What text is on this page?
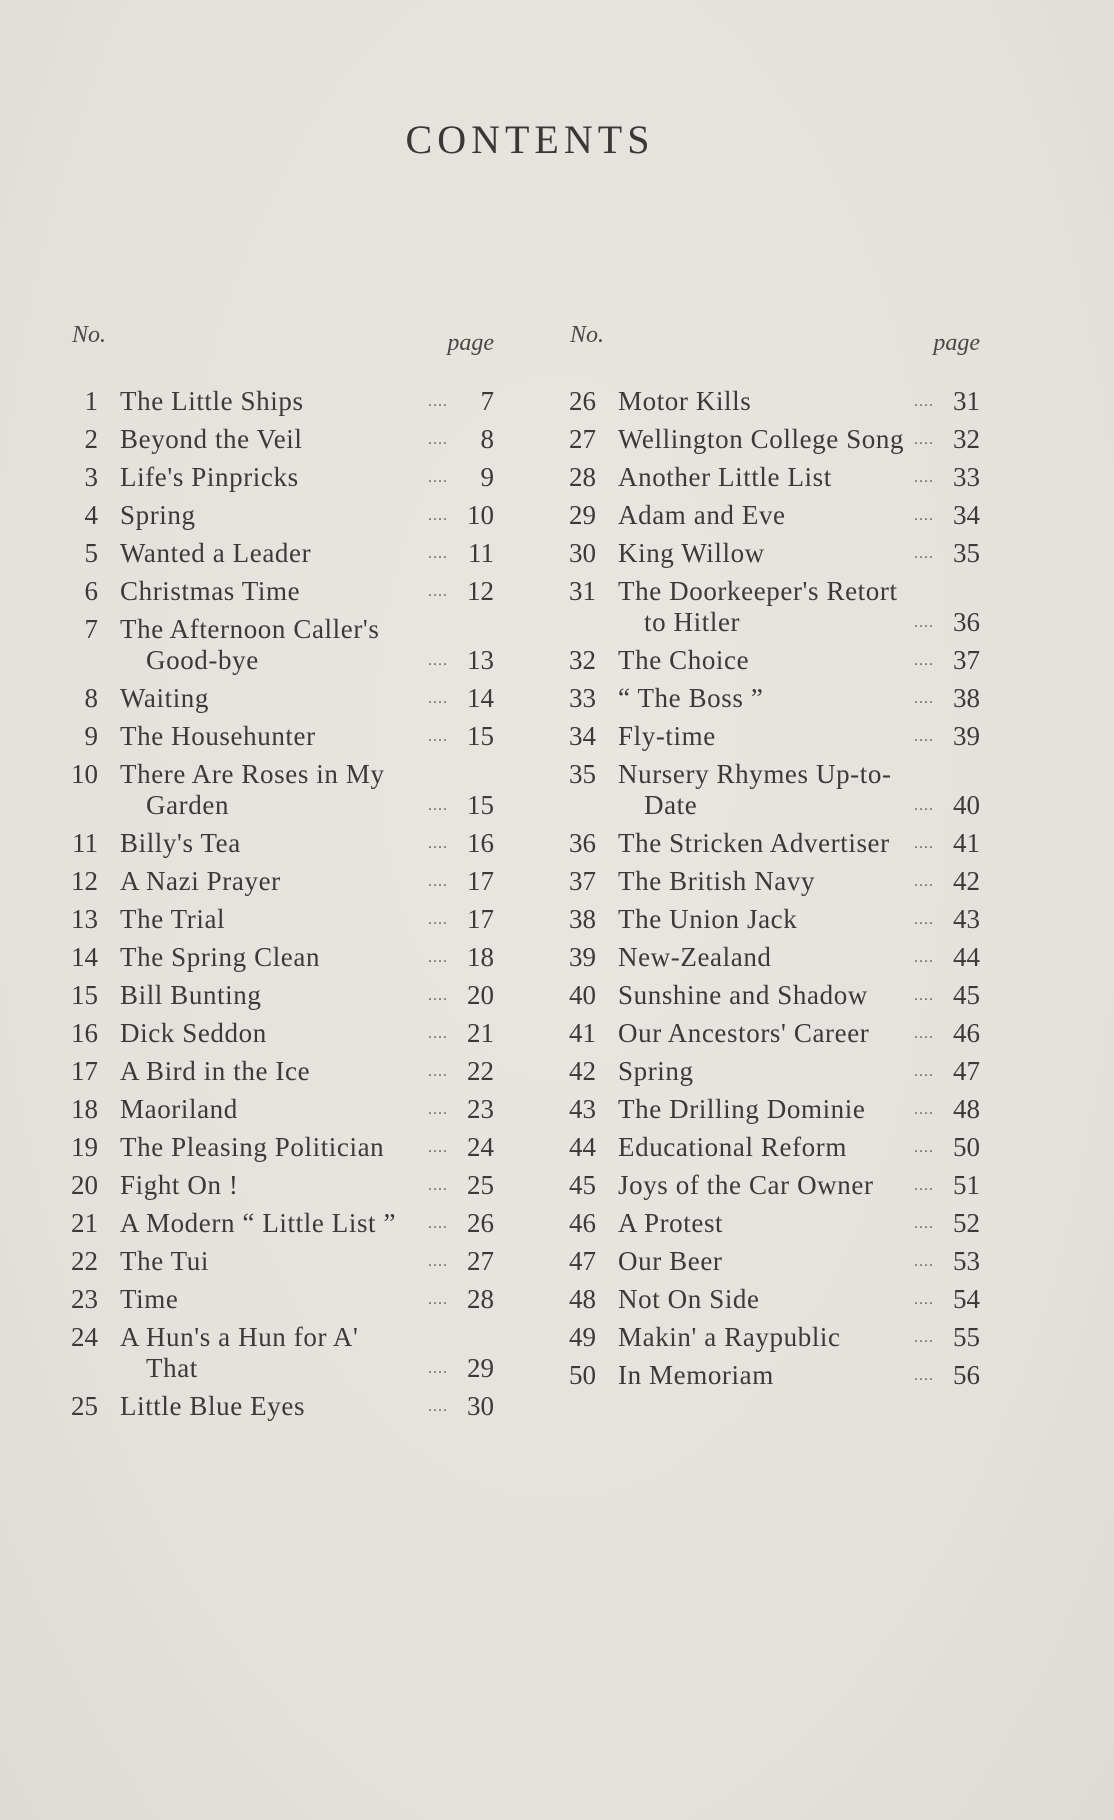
CONTENTS
No.	page
1 The Little Ships	....	7
2 Beyond the Veil	....	8
3 Life's Pinpricks	....	9
4 Spring	.... 10
5 Wanted a Leader	.... 11
6 Christmas Time	.... 12
7 The Afternoon Caller's
Good-bye	.... 13
8 Waiting	.... 14
9 The Househunter	.... 15
10 There Are Roses in My
Garden	.... 15
11 Billy's Tea	.... 16
12 A Nazi Prayer	.... 17
13 The Trial	.... 17
14 The Spring Clean	.... 18
15 Bill Bunting	.... 20
16 Dick Seddon	.... 21
17 A Bird in the Ice	.... 22
18 Maoriland	.... 23
19 The Pleasing Politician	.... 24
20 Fight On !	.... 25
21 A Modern “ Little List ”	.... 26
22 The Tui	.... 27
23 Time	.... 28
24 A Hun's a Hun for A'
That	.... 29
25 Little Blue Eyes	.... 30
No.	page
26 Motor Kills	.... 31
27 Wellington College Song .... 32
28 Another Little List	.... 33
29 Adam and Eve	.... 34
30 King Willow	.... 35
31 The Doorkeeper's Retort
to Hitler	.... 36
32 The Choice	.... 37
33 “ The Boss ”	.... 38
34 Fly-time	.... 39
35 Nursery Rhymes Up-to-
Date	.... 40
36 The Stricken Advertiser	.... 41
37 The British Navy	.... 42
38 The Union Jack	.... 43
39 New-Zealand	.... 44
40 Sunshine and Shadow	.... 45
41 Our Ancestors' Career	.... 46
42 Spring	.... 47
43 The Drilling Dominie	.... 48
44 Educational Reform	.... 50
45 Joys of the Car Owner	.... 51
46 A Protest	.... 52
47 Our Beer	.... 53
48 Not On Side	.... 54
49 Makin' a Raypublic	.... 55
50 In Memoriam	.... 56
